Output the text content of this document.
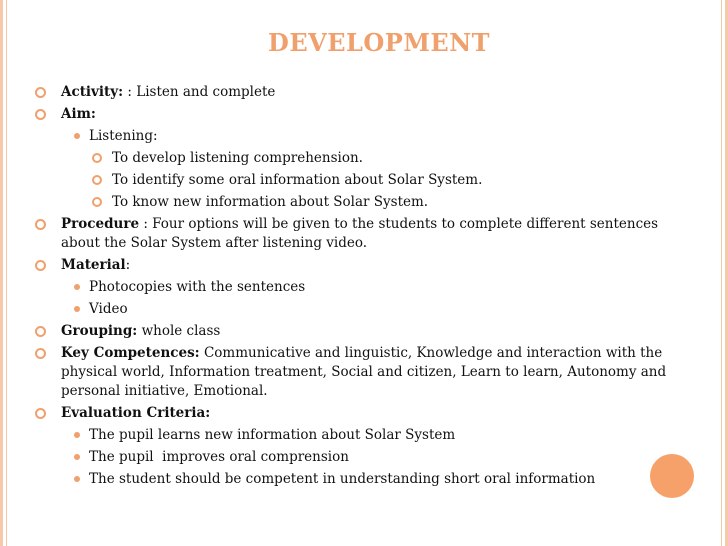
DEVELOPMENT
Activity: : Listen and complete
Aim:
Listening:
To develop listening comprehension.
To identify some oral information about Solar System.
To know new information about Solar System.
Procedure : Four options will be given to the students to complete different sentences about the Solar System after listening video.
Material:
Photocopies with the sentences
Video
Grouping: whole class
Key Competences: Communicative and linguistic, Knowledge and interaction with the physical world, Information treatment, Social and citizen, Learn to learn, Autonomy and personal initiative, Emotional.
Evaluation Criteria:
The pupil learns new information about Solar System
The pupil  improves oral comprension
The student should be competent in understanding short oral information
